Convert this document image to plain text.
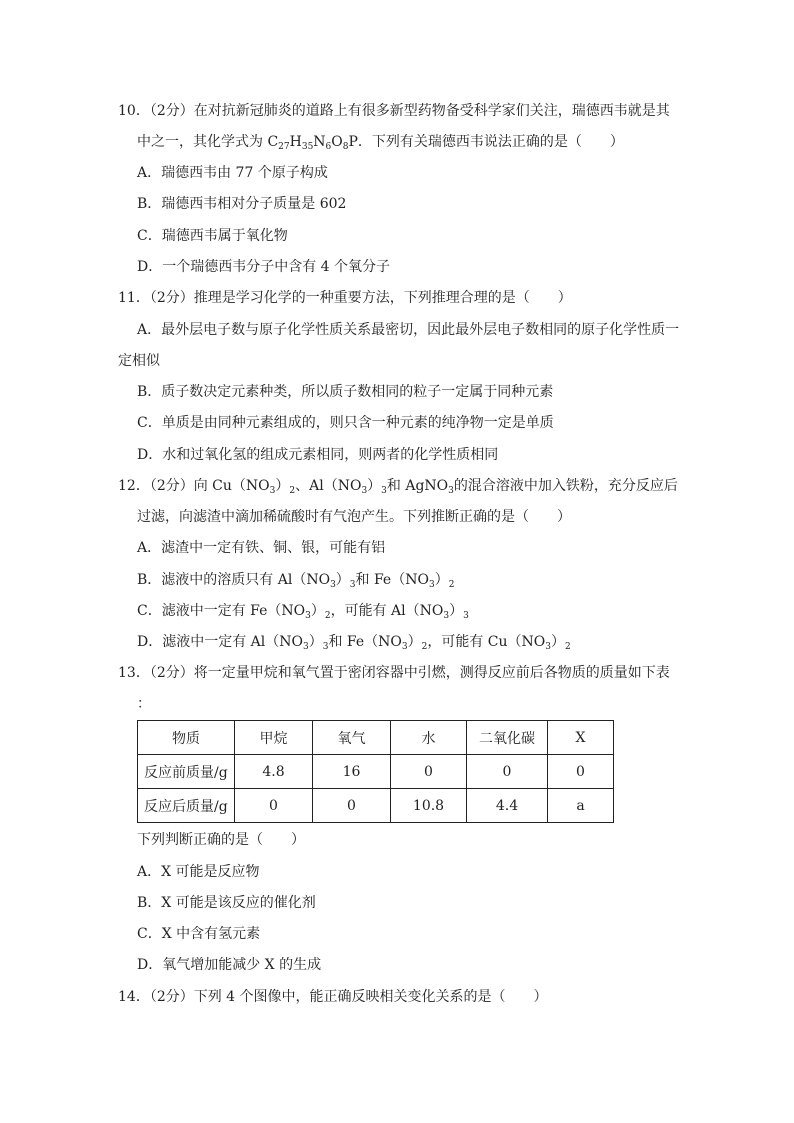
10．（2分）在对抗新冠肺炎的道路上有很多新型药物备受科学家们关注，瑞德西韦就是其
中之一，其化学式为 $C_{27}H_{35}N_6O_8P$．下列有关瑞德西韦说法正确的是（　　）
A．瑞德西韦由 77 个原子构成
B．瑞德西韦相对分子质量是 602
C．瑞德西韦属于氧化物
D．一个瑞德西韦分子中含有 4 个氧分子
11．（2分）推理是学习化学的一种重要方法，下列推理合理的是（　　）
A．最外层电子数与原子化学性质关系最密切，因此最外层电子数相同的原子化学性质一
定相似
B．质子数决定元素种类，所以质子数相同的粒子一定属于同种元素
C．单质是由同种元素组成的，则只含一种元素的纯净物一定是单质
D．水和过氧化氢的组成元素相同，则两者的化学性质相同
12．（2分）向 $Cu(NO_3)_2$、$Al(NO_3)_3$和 AgNO$_3$的混合溶液中加入铁粉，充分反应后
过滤，向滤渣中滴加稀硫酸时有气泡产生。下列推断正确的是（　　）
A．滤渣中一定有铁、铜、银，可能有铝
B．滤液中的溶质只有 $Al(NO_3)_3$和 $Fe(NO_3)_2$
C．滤液中一定有 $Fe(NO_3)_2$，可能有 $Al(NO_3)_3$
D．滤液中一定有 $Al(NO_3)_3$和 $Fe(NO_3)_2$，可能有 $Cu(NO_3)_2$
13．（2分）将一定量甲烷和氧气置于密闭容器中引燃，测得反应前后各物质的质量如下表
：
物质	甲烷	氧气	水	二氧化碳	X
反应前质量/g	4.8	16	0	0	0
反应后质量/g	0	0	10.8	4.4	a
下列判断正确的是（　　）
A．X 可能是反应物
B．X 可能是该反应的催化剂
C．X 中含有氢元素
D．氧气增加能减少 X 的生成
14．（2分）下列 4 个图像中，能正确反映相关变化关系的是（　　）
